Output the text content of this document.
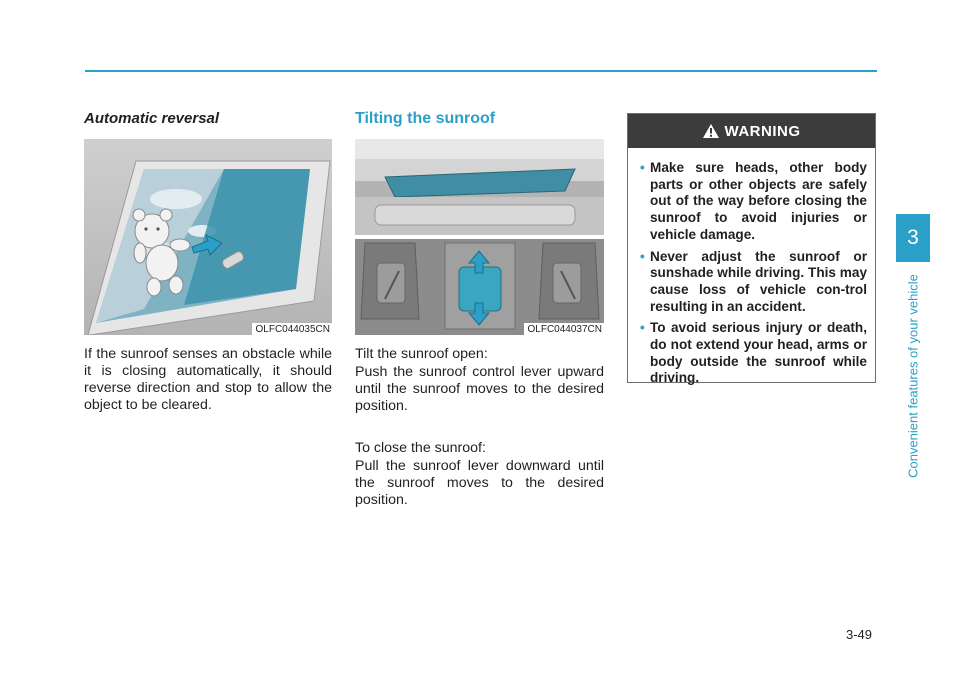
Automatic reversal
OLFC044035CN
If the sunroof senses an obstacle while it is closing automatically, it should reverse direction and stop to allow the object to be cleared.
Tilting the sunroof
OLFC044037CN
Tilt the sunroof open:
Push the sunroof control lever upward until the sunroof moves to the desired position.
To close the sunroof:
Pull the sunroof lever downward until the sunroof moves to the desired position.
WARNING
• Make sure heads, other body parts or other objects are safely out of the way before closing the sunroof to avoid injuries or vehicle damage.
• Never adjust the sunroof or sunshade while driving. This may cause loss of vehicle con-trol resulting in an accident.
• To avoid serious injury or death, do not extend your head, arms or body outside the sunroof while driving.
3
Convenient features of your vehicle
3-49
